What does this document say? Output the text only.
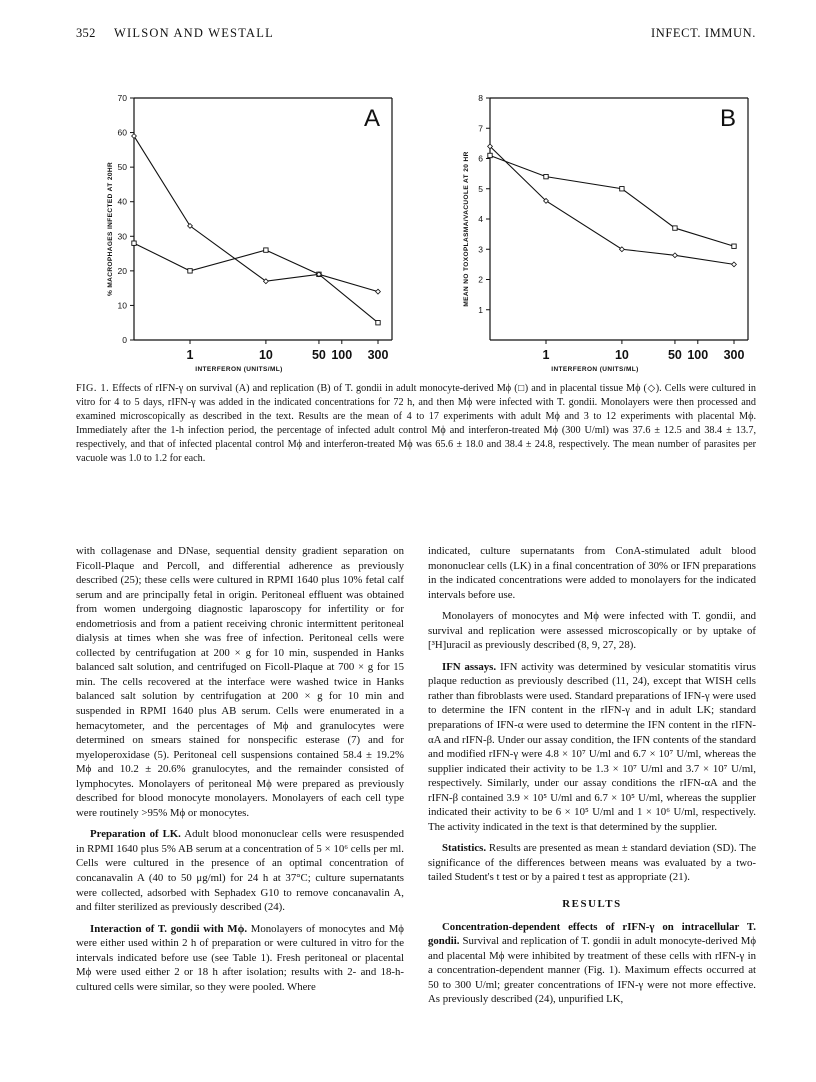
352 WILSON AND WESTALL	INFECT. IMMUN.
0
10
20
30
40
50
60
70
1	10	50 100 300
INTERFERON (UNITS/ML)
% MACROPHAGES INFECTED AT 20HR
A
1
2
3
4
5
6
7
8
1	10	50 100 300
INTERFERON (UNITS/ML)
MEAN NO TOXOPLASMA/VACUOLE AT 20 HR
B
FIG. 1. Effects of rIFN-γ on survival (A) and replication (B) of T. gondii in adult monocyte-derived Mϕ (□) and in placental tissue Mϕ (◇). Cells were cultured in vitro for 4 to 5 days, rIFN-γ was added in the indicated concentrations for 72 h, and then Mϕ were infected with T. gondii. Monolayers were then processed and examined microscopically as described in the text. Results are the mean of 4 to 17 experiments with adult Mϕ and 3 to 12 experiments with placental Mϕ. Immediately after the 1-h infection period, the percentage of infected adult control Mϕ and interferon-treated Mϕ (300 U/ml) was 37.6 ± 12.5 and 38.4 ± 13.7, respectively, and that of infected placental control Mϕ and interferon-treated Mϕ was 65.6 ± 18.0 and 38.4 ± 24.8, respectively. The mean number of parasites per vacuole was 1.0 to 1.2 for each.

with collagenase and DNase, sequential density gradient separation on Ficoll-Plaque and Percoll, and differential adherence as previously described (25); these cells were cultured in RPMI 1640 plus 10% fetal calf serum and are principally fetal in origin. Peritoneal effluent was obtained from women undergoing diagnostic laparoscopy for infertility or for endometriosis and from a patient receiving chronic intermittent peritoneal dialysis at times when she was free of infection. Peritoneal cells were collected by centrifugation at 200 × g for 10 min, suspended in Hanks balanced salt solution, and centrifuged on Ficoll-Plaque at 700 × g for 15 min. The cells recovered at the interface were washed twice in Hanks balanced salt solution by centrifugation at 200 × g for 10 min and suspended in RPMI 1640 plus AB serum. Cells were enumerated in a hemacytometer, and the percentages of Mϕ and granulocytes were determined on smears stained for nonspecific esterase (7) and for myeloperoxidase (5). Peritoneal cell suspensions contained 58.4 ± 19.2% Mϕ and 10.2 ± 20.6% granulocytes, and the remainder consisted of lymphocytes. Monolayers of peritoneal Mϕ were prepared as previously described for blood monocyte monolayers. Monolayers of each cell type were routinely >95% Mϕ or monocytes.

Preparation of LK. Adult blood mononuclear cells were resuspended in RPMI 1640 plus 5% AB serum at a concentration of 5 × 10⁶ cells per ml. Cells were cultured in the presence of an optimal concentration of concanavalin A (40 to 50 μg/ml) for 24 h at 37°C; culture supernatants were collected, adsorbed with Sephadex G10 to remove concanavalin A, and filter sterilized as previously described (24).

Interaction of T. gondii with Mϕ. Monolayers of monocytes and Mϕ were either used within 2 h of preparation or were cultured in vitro for the intervals indicated before use (see Table 1). Fresh peritoneal or placental Mϕ were used either 2 or 18 h after isolation; results with 2- and 18-h-cultured cells were similar, so they were pooled. Where

indicated, culture supernatants from ConA-stimulated adult blood mononuclear cells (LK) in a final concentration of 30% or IFN preparations in the indicated concentrations were added to monolayers for the indicated intervals before use.

Monolayers of monocytes and Mϕ were infected with T. gondii, and survival and replication were assessed microscopically or by uptake of [³H]uracil as previously described (8, 9, 27, 28).

IFN assays. IFN activity was determined by vesicular stomatitis virus plaque reduction as previously described (11, 24), except that WISH cells rather than fibroblasts were used. Standard preparations of IFN-γ were used to determine the IFN content in the rIFN-γ and in adult LK; standard preparations of IFN-α were used to determine the IFN content in the rIFN-αA and rIFN-β. Under our assay condition, the IFN contents of the standard and modified rIFN-γ were 4.8 × 10⁷ U/ml and 6.7 × 10⁷ U/ml, whereas the supplier indicated their activity to be 1.3 × 10⁷ U/ml and 3.7 × 10⁷ U/ml, respectively. Similarly, under our assay conditions the rIFN-αA and the rIFN-β contained 3.9 × 10⁵ U/ml and 6.7 × 10⁵ U/ml, whereas the supplier indicated their activity to be 6 × 10⁵ U/ml and 1 × 10⁶ U/ml, respectively. The activity indicated in the text is that determined by the supplier.

Statistics. Results are presented as mean ± standard deviation (SD). The significance of the differences between means was evaluated by a two-tailed Student's t test or by a paired t test as appropriate (21).

RESULTS

Concentration-dependent effects of rIFN-γ on intracellular T. gondii. Survival and replication of T. gondii in adult monocyte-derived Mϕ and placental Mϕ were inhibited by treatment of these cells with rIFN-γ in a concentration-dependent manner (Fig. 1). Maximum effects occurred at 50 to 300 U/ml; greater concentrations of IFN-γ were not more effective. As previously described (24), unpurified LK,
